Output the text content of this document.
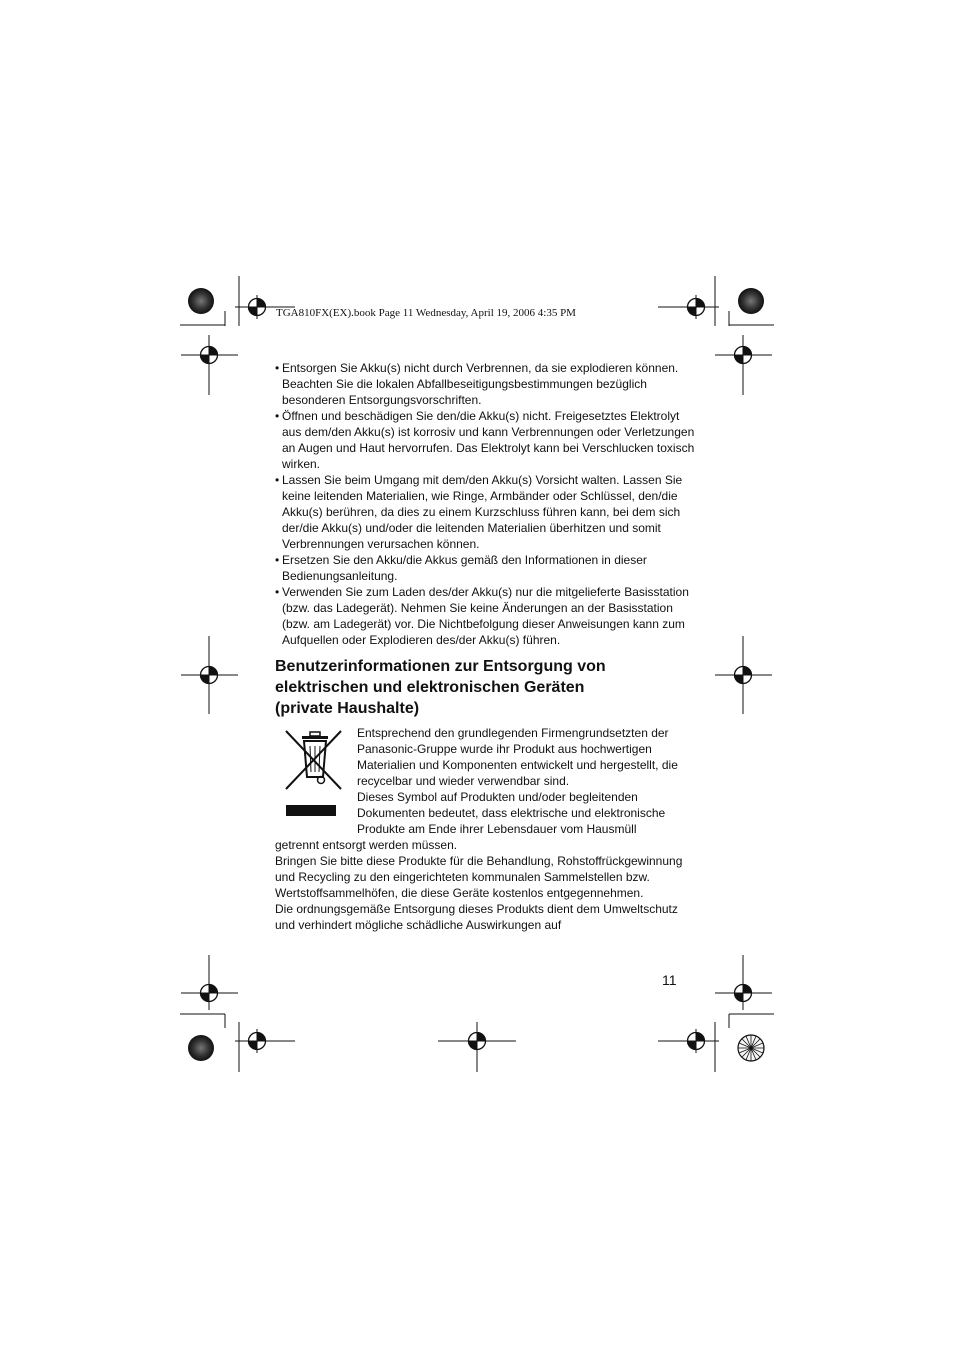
TGA810FX(EX).book Page 11 Wednesday, April 19, 2006 4:35 PM
• Entsorgen Sie Akku(s) nicht durch Verbrennen, da sie explodieren können. Beachten Sie die lokalen Abfallbeseitigungsbestimmungen bezüglich besonderen Entsorgungsvorschriften.
• Öffnen und beschädigen Sie den/die Akku(s) nicht. Freigesetztes Elektrolyt aus dem/den Akku(s) ist korrosiv und kann Verbrennungen oder Verletzungen an Augen und Haut hervorrufen. Das Elektrolyt kann bei Verschlucken toxisch wirken.
• Lassen Sie beim Umgang mit dem/den Akku(s) Vorsicht walten. Lassen Sie keine leitenden Materialien, wie Ringe, Armbänder oder Schlüssel, den/die Akku(s) berühren, da dies zu einem Kurzschluss führen kann, bei dem sich der/die Akku(s) und/oder die leitenden Materialien überhitzen und somit Verbrennungen verursachen können.
• Ersetzen Sie den Akku/die Akkus gemäß den Informationen in dieser Bedienungsanleitung.
• Verwenden Sie zum Laden des/der Akku(s) nur die mitgelieferte Basisstation (bzw. das Ladegerät). Nehmen Sie keine Änderungen an der Basisstation (bzw. am Ladegerät) vor. Die Nichtbefolgung dieser Anweisungen kann zum Aufquellen oder Explodieren des/der Akku(s) führen.
Benutzerinformationen zur Entsorgung von
elektrischen und elektronischen Geräten
(private Haushalte)

Entsprechend den grundlegenden Firmengrundsetzten der Panasonic-Gruppe wurde ihr Produkt aus hochwertigen Materialien und Komponenten entwickelt und hergestellt, die recycelbar und wieder verwendbar sind.

Dieses Symbol auf Produkten und/oder begleitenden Dokumenten bedeutet, dass elektrische und elektronische Produkte am Ende ihrer Lebensdauer vom Hausmüll

getrennt entsorgt werden müssen.

Bringen Sie bitte diese Produkte für die Behandlung, Rohstoffrückgewinnung und Recycling zu den eingerichteten kommunalen Sammelstellen bzw. Wertstoffsammelhöfen, die diese Geräte kostenlos entgegennehmen.

Die ordnungsgemäße Entsorgung dieses Produkts dient dem Umweltschutz und verhindert mögliche schädliche Auswirkungen auf

11
